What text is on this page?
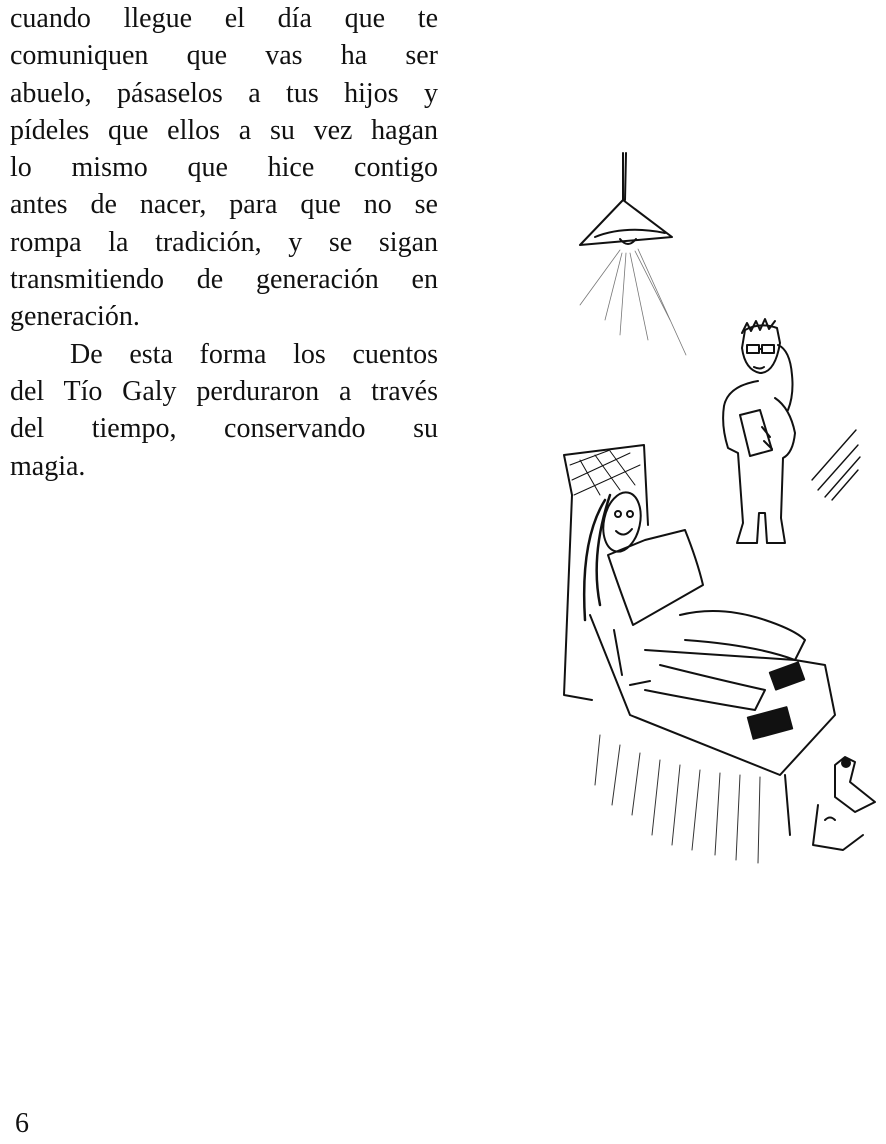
cuando llegue el día que te
comuniquen que vas ha ser
abuelo, pásaselos a tus hijos y
pídeles que ellos a su vez hagan
lo mismo que hice contigo
antes de nacer, para que no se
rompa la tradición, y se sigan
transmitiendo de generación en
generación.
De esta forma los cuentos
del Tío Galy perduraron a través
del tiempo, conservando su
magia.
6
